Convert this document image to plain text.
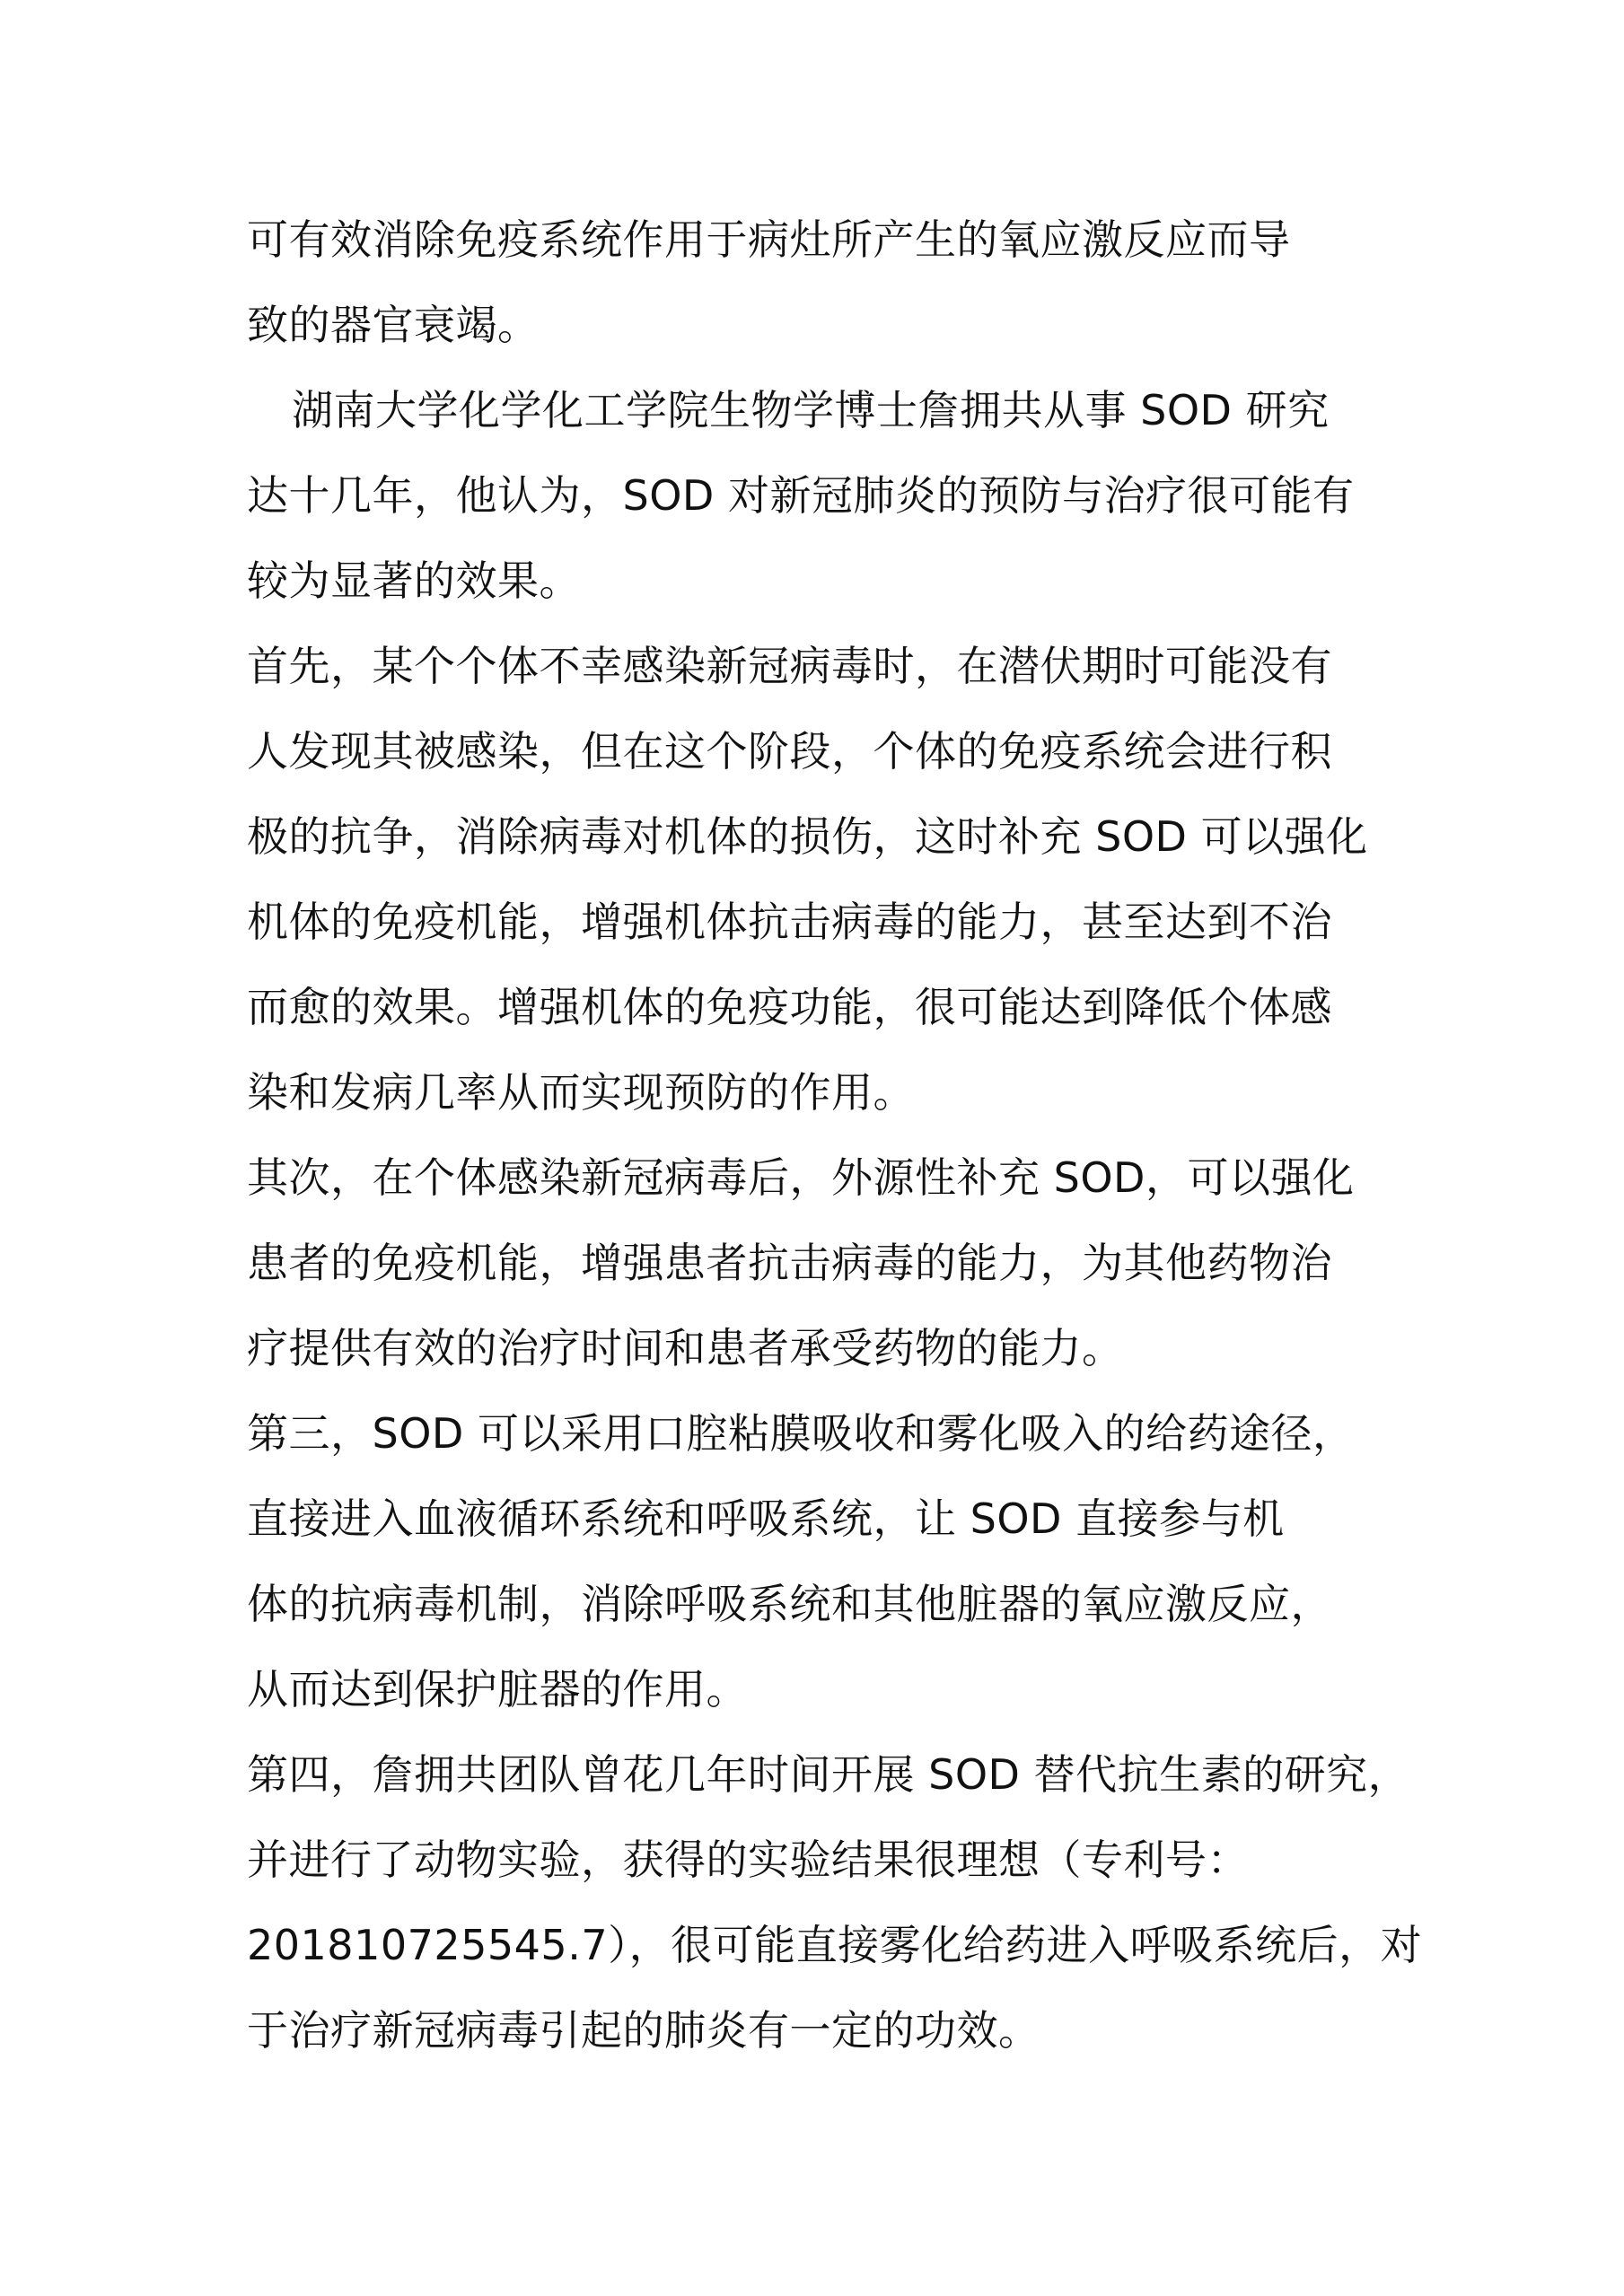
可有效消除免疫系统作用于病灶所产生的氧应激反应而导

致的器官衰竭。

湖南大学化学化工学院生物学博士詹拥共从事 SOD 研究

达十几年，他认为，SOD 对新冠肺炎的预防与治疗很可能有

较为显著的效果。

首先，某个个体不幸感染新冠病毒时，在潜伏期时可能没有

人发现其被感染，但在这个阶段，个体的免疫系统会进行积

极的抗争，消除病毒对机体的损伤，这时补充 SOD 可以强化

机体的免疫机能，增强机体抗击病毒的能力，甚至达到不治

而愈的效果。增强机体的免疫功能，很可能达到降低个体感

染和发病几率从而实现预防的作用。

其次，在个体感染新冠病毒后，外源性补充 SOD，可以强化

患者的免疫机能，增强患者抗击病毒的能力，为其他药物治

疗提供有效的治疗时间和患者承受药物的能力。

第三，SOD 可以采用口腔粘膜吸收和雾化吸入的给药途径，

直接进入血液循环系统和呼吸系统，让 SOD 直接参与机

体的抗病毒机制，消除呼吸系统和其他脏器的氧应激反应，

从而达到保护脏器的作用。

第四，詹拥共团队曾花几年时间开展 SOD 替代抗生素的研究，

并进行了动物实验，获得的实验结果很理想（专利号：

201810725545.7），很可能直接雾化给药进入呼吸系统后，对

于治疗新冠病毒引起的肺炎有一定的功效。
